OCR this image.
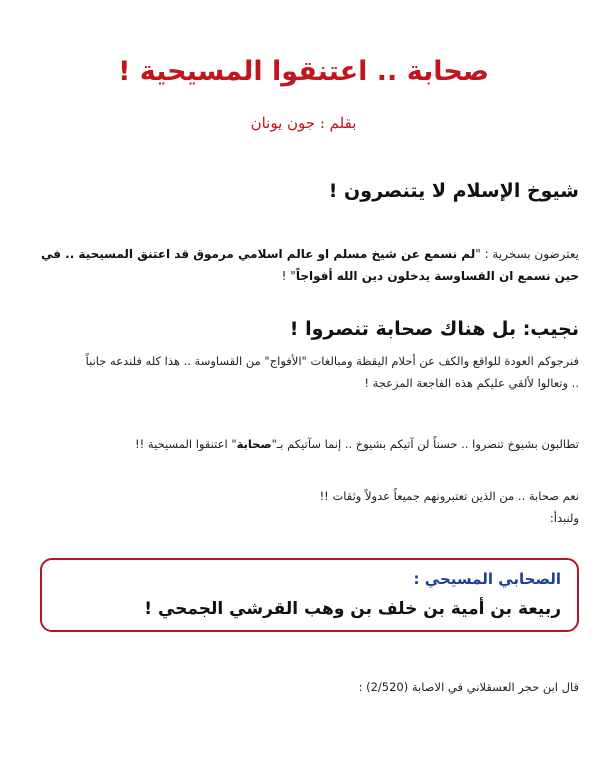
صحابة .. اعتنقوا المسيحية !
بقلم : جون يونان
شيوخ الإسلام لا يتنصرون !
يعترضون بسخرية : "لم نسمع عن شيخ مسلم او عالم اسلامي مرموق قد اعتنق المسيحية .. في
حين نسمع ان القساوسة يدخلون دين الله أفواجاً" !
نجيب: بل هناك صحابة تنصروا !
فنرجوكم العودة للواقع والكف عن أحلام اليقظة ومبالغات "الأفواج" من القساوسة .. هذا كله فلندعه جانباً
.. وتعالوا لألقي عليكم هذه الفاجعة المزعجة !
تطالبون بشيوخ تنصروا .. حسناً لن آتيكم بشيوخ .. إنما سآتيكم بـ"صحابة" اعتنقوا المسيحية !!
نعم صحابة .. من الذين تعتبرونهم جميعاً عدولاً وثقات !!
ولنبدأ:
الصحابي المسيحي :
ربيعة بن أمية بن خلف بن وهب القرشي الجمحي !
قال ابن حجر العسقلاني في الاصابة (2/520) :
